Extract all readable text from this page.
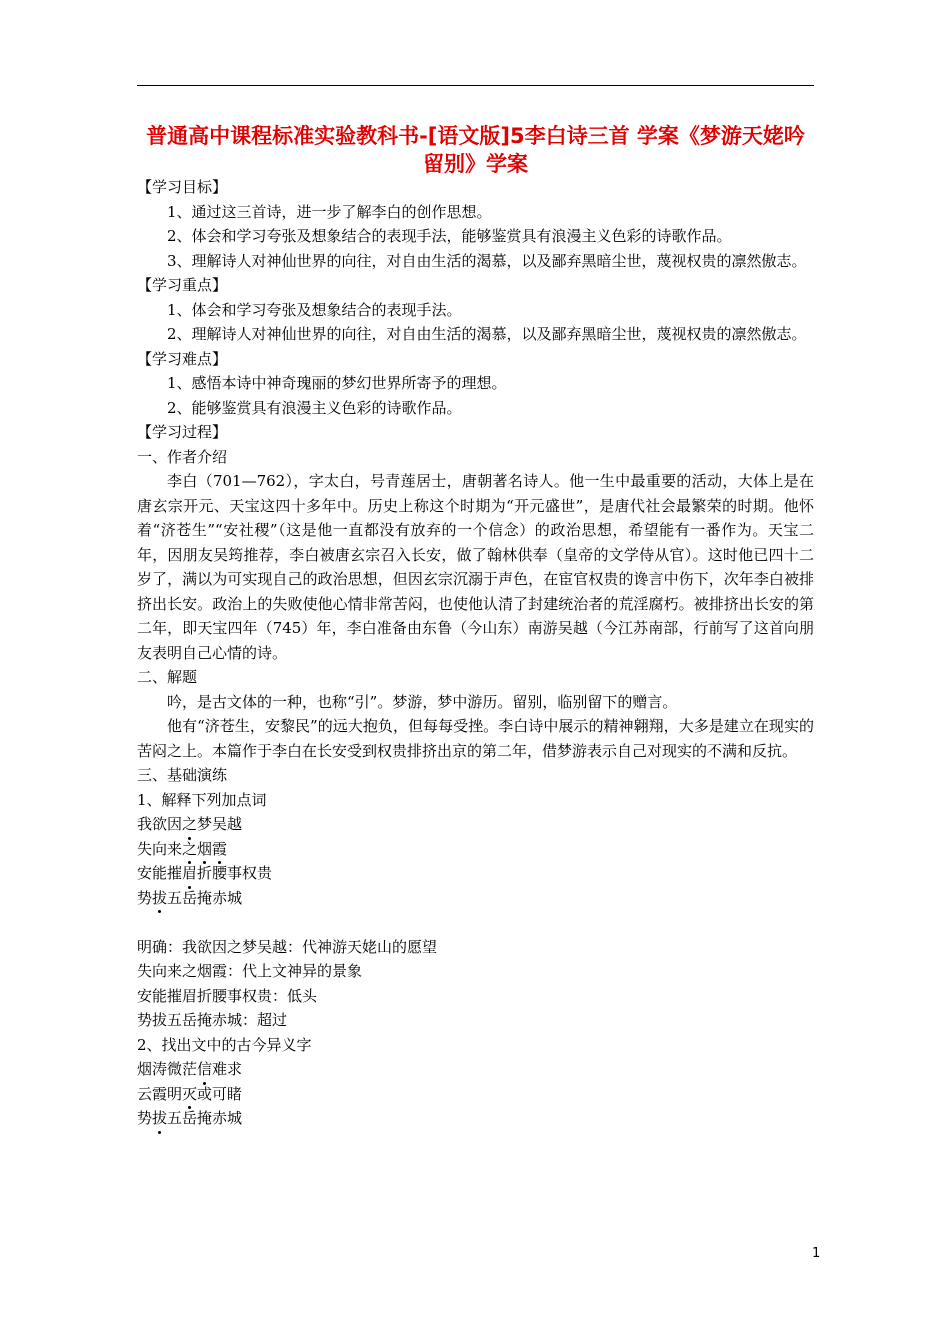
普通高中课程标准实验教科书-[语文版]5李白诗三首 学案《梦游天姥吟留别》学案

【学习目标】

1、通过这三首诗，进一步了解李白的创作思想。

2、体会和学习夸张及想象结合的表现手法，能够鉴赏具有浪漫主义色彩的诗歌作品。

3、理解诗人对神仙世界的向往，对自由生活的渴慕，以及鄙弃黑暗尘世，蔑视权贵的凛然傲志。

【学习重点】

1、体会和学习夸张及想象结合的表现手法。

2、理解诗人对神仙世界的向往，对自由生活的渴慕，以及鄙弃黑暗尘世，蔑视权贵的凛然傲志。

【学习难点】

1、感悟本诗中神奇瑰丽的梦幻世界所寄予的理想。

2、能够鉴赏具有浪漫主义色彩的诗歌作品。

【学习过程】

一、作者介绍

李白（701—762），字太白，号青莲居士，唐朝著名诗人。他一生中最重要的活动，大体上是在唐玄宗开元、天宝这四十多年中。历史上称这个时期为“开元盛世”，是唐代社会最繁荣的时期。他怀着“济苍生”“安社稷”（这是他一直都没有放弃的一个信念）的政治思想，希望能有一番作为。天宝二年，因朋友吴筠推荐，李白被唐玄宗召入长安，做了翰林供奉（皇帝的文学侍从官）。这时他已四十二岁了，满以为可实现自己的政治思想，但因玄宗沉溺于声色，在宦官权贵的谗言中伤下，次年李白被排挤出长安。政治上的失败使他心情非常苦闷，也使他认清了封建统治者的荒淫腐朽。被排挤出长安的第二年，即天宝四年（745）年，李白准备由东鲁（今山东）南游吴越（今江苏南部，行前写了这首向朋友表明自己心情的诗。

二、解题

吟，是古文体的一种，也称“引”。梦游，梦中游历。留别，临别留下的赠言。

他有“济苍生，安黎民”的远大抱负，但每每受挫。李白诗中展示的精神翱翔，大多是建立在现实的苦闷之上。本篇作于李白在长安受到权贵排挤出京的第二年，借梦游表示自己对现实的不满和反抗。

三、基础演练

1、解释下列加点词

我欲因之梦吴越

失向来之烟霞

安能摧眉折腰事权贵

势拔五岳掩赤城

明确：我欲因之梦吴越：代神游天姥山的愿望

失向来之烟霞：代上文神异的景象

安能摧眉折腰事权贵：低头

势拔五岳掩赤城：超过

2、找出文中的古今异义字

烟涛微茫信难求

云霞明灭或可睹

势拔五岳掩赤城

1
